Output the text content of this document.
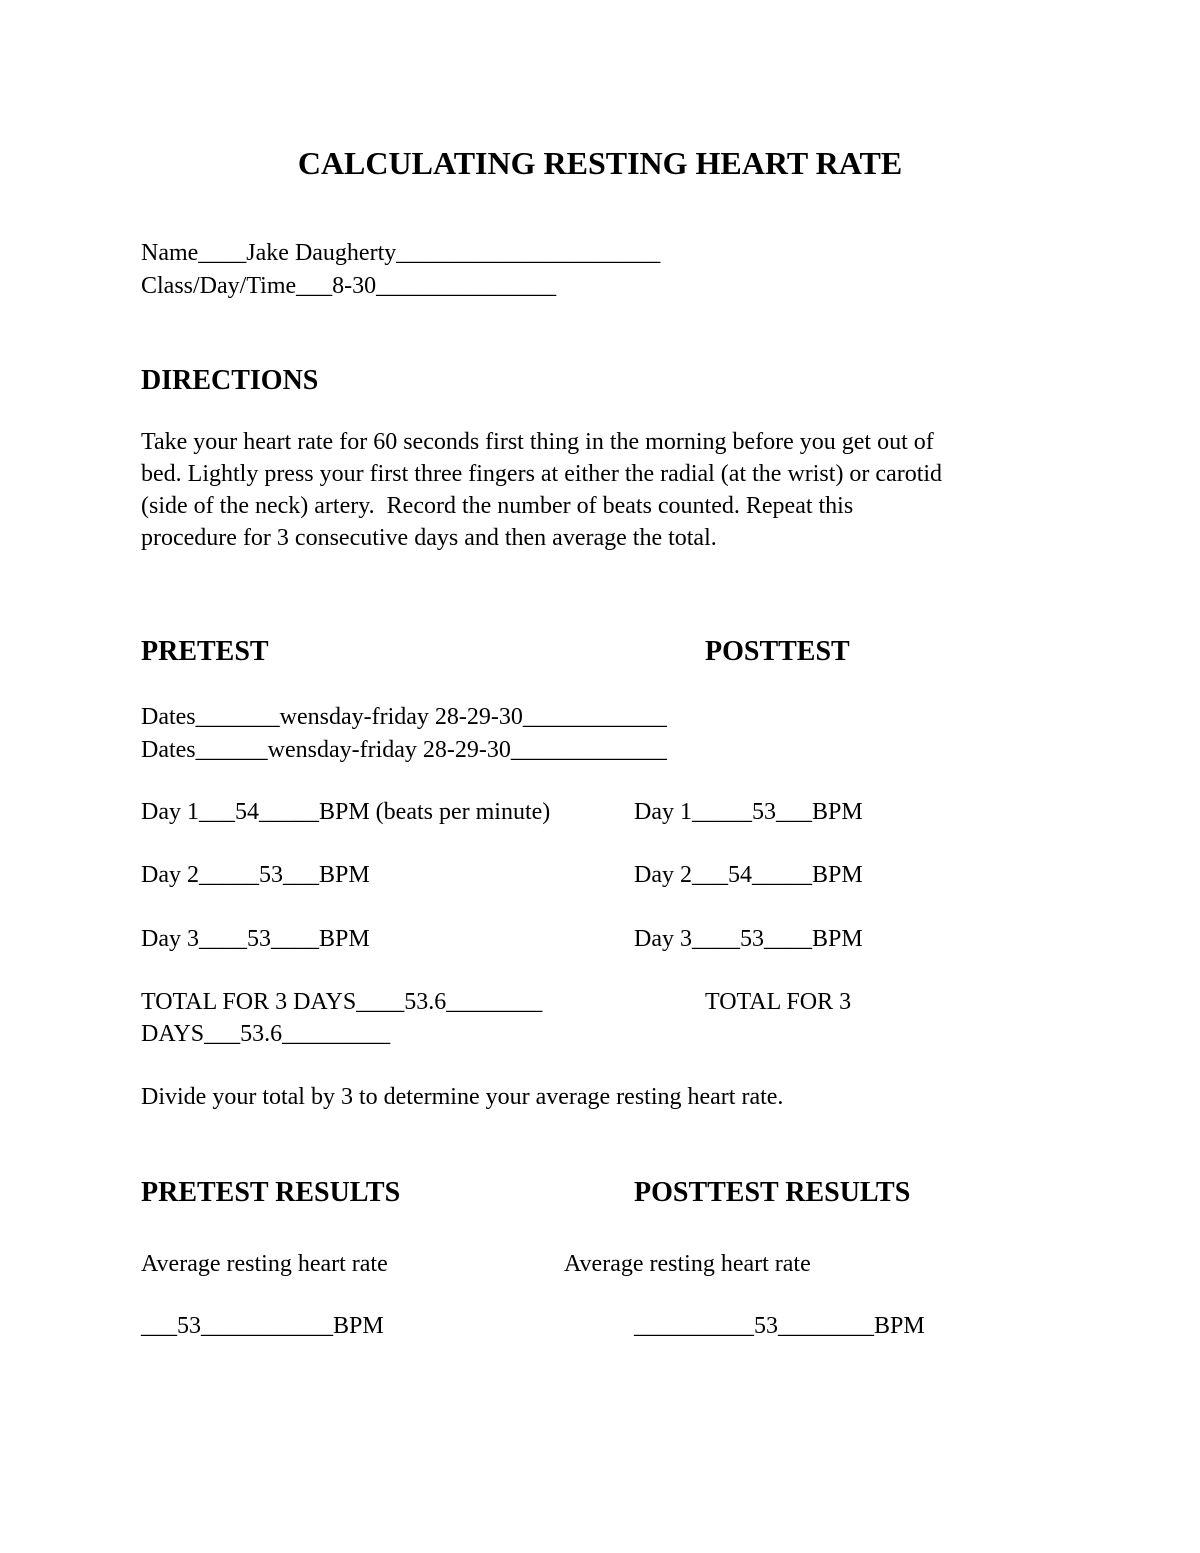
CALCULATING RESTING HEART RATE
Name____Jake Daugherty______________________
Class/Day/Time___8-30_______________
DIRECTIONS
Take your heart rate for 60 seconds first thing in the morning before you get out of
bed. Lightly press your first three fingers at either the radial (at the wrist) or carotid
(side of the neck) artery.  Record the number of beats counted. Repeat this
procedure for 3 consecutive days and then average the total.
PRETEST	POSTTEST
Dates_______wensday-friday 28-29-30____________
Dates______wensday-friday 28-29-30_____________
Day 1___54_____BPM (beats per minute)	Day 1_____53___BPM
Day 2_____53___BPM	Day 2___54_____BPM
Day 3____53____BPM	Day 3____53____BPM
TOTAL FOR 3 DAYS____53.6________	TOTAL FOR 3
DAYS___53.6_________
Divide your total by 3 to determine your average resting heart rate.
PRETEST RESULTS	POSTTEST RESULTS
Average resting heart rate	Average resting heart rate
___53___________BPM	__________53________BPM
